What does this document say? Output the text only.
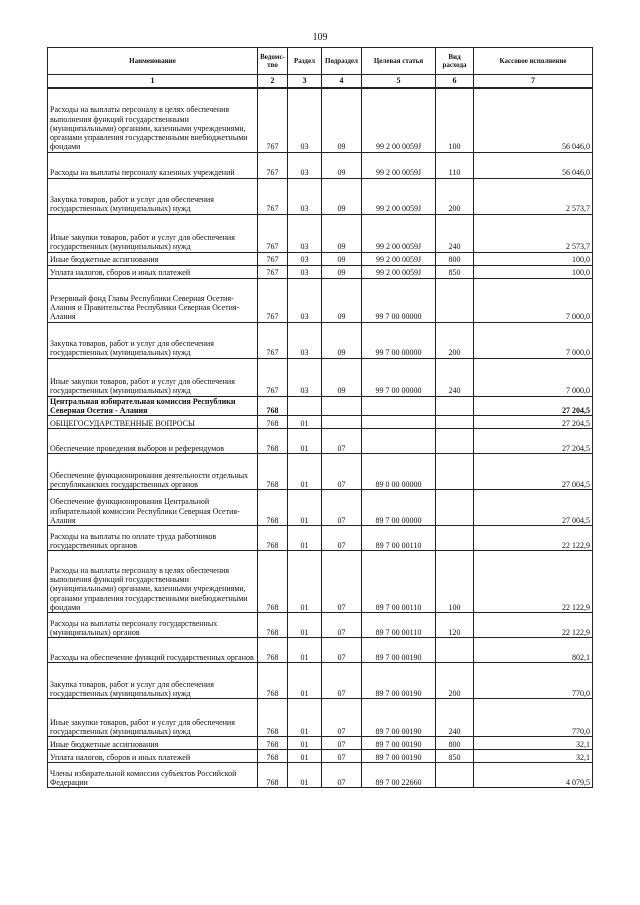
109
Наименование	Ведомс-тво	Раздел	Подраздел	Целевая статья	Вид расхода	Кассовое исполнение
1	2	3	4	5	6	7
Расходы на выплаты персоналу в целях обеспечения выполнения функций государственными (муниципальными) органами, казенными учреждениями, органами управления государственными внебюджетными фондами	767	03	09	99 2 00 0059J	100	56 046,0
Расходы на выплаты персоналу казенных учреждений	767	03	09	99 2 00 0059J	110	56 046,0
Закупка товаров, работ и услуг для обеспечения государственных (муниципальных) нужд	767	03	09	99 2 00 0059J	200	2 573,7
Иные закупки товаров, работ и услуг для обеспечения государственных (муниципальных) нужд	767	03	09	99 2 00 0059J	240	2 573,7
Иные бюджетные ассигнования	767	03	09	99 2 00 0059J	800	100,0
Уплата налогов, сборов и иных платежей	767	03	09	99 2 00 0059J	850	100,0
Резервный фонд Главы Республики Северная Осетия-Алания и Правительства Республики Северная Осетия-Алания	767	03	09	99 7 00 00000		7 000,0
Закупка товаров, работ и услуг для обеспечения государственных (муниципальных) нужд	767	03	09	99 7 00 00000	200	7 000,0
Иные закупки товаров, работ и услуг для обеспечения государственных (муниципальных) нужд	767	03	09	99 7 00 00000	240	7 000,0
Центральная избирательная комиссия Республики Северная Осетия - Алания	768					27 204,5
ОБЩЕГОСУДАРСТВЕННЫЕ ВОПРОСЫ	768	01				27 204,5
Обеспечение проведения выборов и референдумов	768	01	07			27 204,5
Обеспечение функционирования деятельности отдельных республиканских государственных органов	768	01	07	89 0 00 00000		27 004,5
Обеспечение функционирования Центральной избирательной комиссии Республики Северная Осетия-Алания	768	01	07	89 7 00 00000		27 004,5
Расходы на выплаты по оплате труда работников государственных органов	768	01	07	89 7 00 00110		22 122,9
Расходы на выплаты персоналу в целях обеспечения выполнения функций государственными (муниципальными) органами, казенными учреждениями, органами управления государственными внебюджетными фондами	768	01	07	89 7 00 00110	100	22 122,9
Расходы на выплаты персоналу государственных (муниципальных) органов	768	01	07	89 7 00 00110	120	22 122,9
Расходы на обеспечение функций государственных органов	768	01	07	89 7 00 00190		802,1
Закупка товаров, работ и услуг для обеспечения государственных (муниципальных) нужд	768	01	07	89 7 00 00190	200	770,0
Иные закупки товаров, работ и услуг для обеспечения государственных (муниципальных) нужд	768	01	07	89 7 00 00190	240	770,0
Иные бюджетные ассигнования	768	01	07	89 7 00 00190	800	32,1
Уплата налогов, сборов и иных платежей	768	01	07	89 7 00 00190	850	32,1
Члены избирательной комиссии субъектов Российской Федерации	768	01	07	89 7 00 22660		4 079,5
